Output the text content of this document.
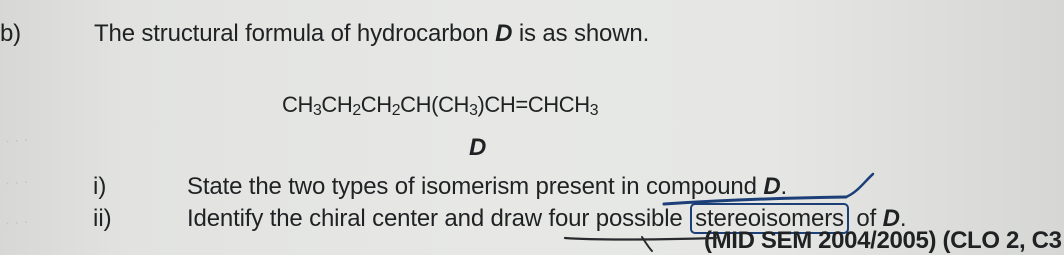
· · ·
· · ·
· · ·
b)	The structural formula of hydrocarbon D is as shown.
$CH_3CH_2CH_2CH(CH_3)CH=CHCH_3$
D
i)	State the two types of isomerism present in compound D.
ii)	Identify the chiral center and draw four possible stereoisomers of D.
(MID SEM 2004/2005) (CLO 2, C3
